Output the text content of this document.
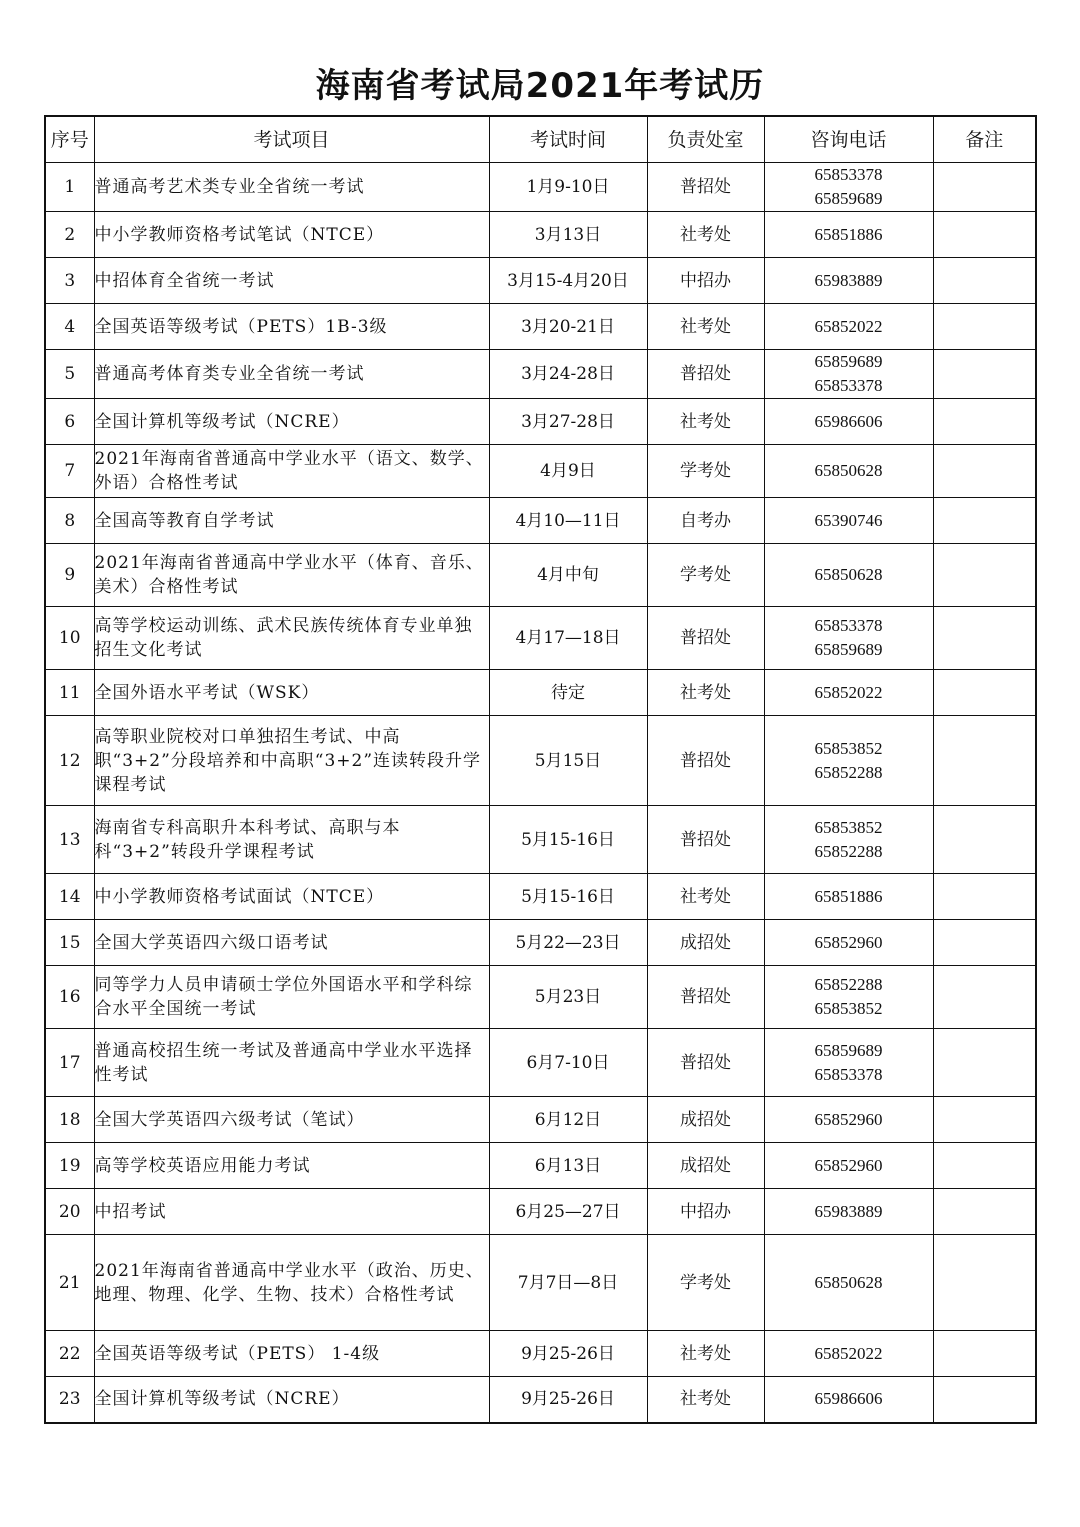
海南省考试局2021年考试历
序号	考试项目	考试时间	负责处室	咨询电话	备注
1	普通高考艺术类专业全省统一考试	1月9-10日	普招处	65853378
65859689	

2	中小学教师资格考试笔试（NTCE）	3月13日	社考处	65851886	

3	中招体育全省统一考试	3月15-4月20日	中招办	65983889	

4	全国英语等级考试（PETS）1B-3级	3月20-21日	社考处	65852022	

5	普通高考体育类专业全省统一考试	3月24-28日	普招处	65859689
65853378	

6	全国计算机等级考试（NCRE）	3月27-28日	社考处	65986606	

7	2021年海南省普通高中学业水平（语文、数学、外语）合格性考试	4月9日	学考处	65850628	

8	全国高等教育自学考试	4月10—11日	自考办	65390746	

9	2021年海南省普通高中学业水平（体育、音乐、美术）合格性考试	4月中旬	学考处	65850628	

10	高等学校运动训练、武术民族传统体育专业单独招生文化考试	4月17—18日	普招处	65853378
65859689	

11	全国外语水平考试（WSK）	待定	社考处	65852022	

12	高等职业院校对口单独招生考试、中高职“3+2”分段培养和中高职“3+2”连读转段升学课程考试	5月15日	普招处	65853852
65852288	

13	海南省专科高职升本科考试、高职与本科“3+2”转段升学课程考试	5月15-16日	普招处	65853852
65852288	

14	中小学教师资格考试面试（NTCE）	5月15-16日	社考处	65851886	

15	全国大学英语四六级口语考试	5月22—23日	成招处	65852960	

16	同等学力人员申请硕士学位外国语水平和学科综合水平全国统一考试	5月23日	普招处	65852288
65853852	

17	普通高校招生统一考试及普通高中学业水平选择性考试	6月7-10日	普招处	65859689
65853378	

18	全国大学英语四六级考试（笔试）	6月12日	成招处	65852960	

19	高等学校英语应用能力考试	6月13日	成招处	65852960	

20	中招考试	6月25—27日	中招办	65983889	

21	2021年海南省普通高中学业水平（政治、历史、地理、物理、化学、生物、技术）合格性考试	7月7日—8日	学考处	65850628	

22	全国英语等级考试（PETS） 1-4级	9月25-26日	社考处	65852022	

23	全国计算机等级考试（NCRE）	9月25-26日	社考处	65986606	
